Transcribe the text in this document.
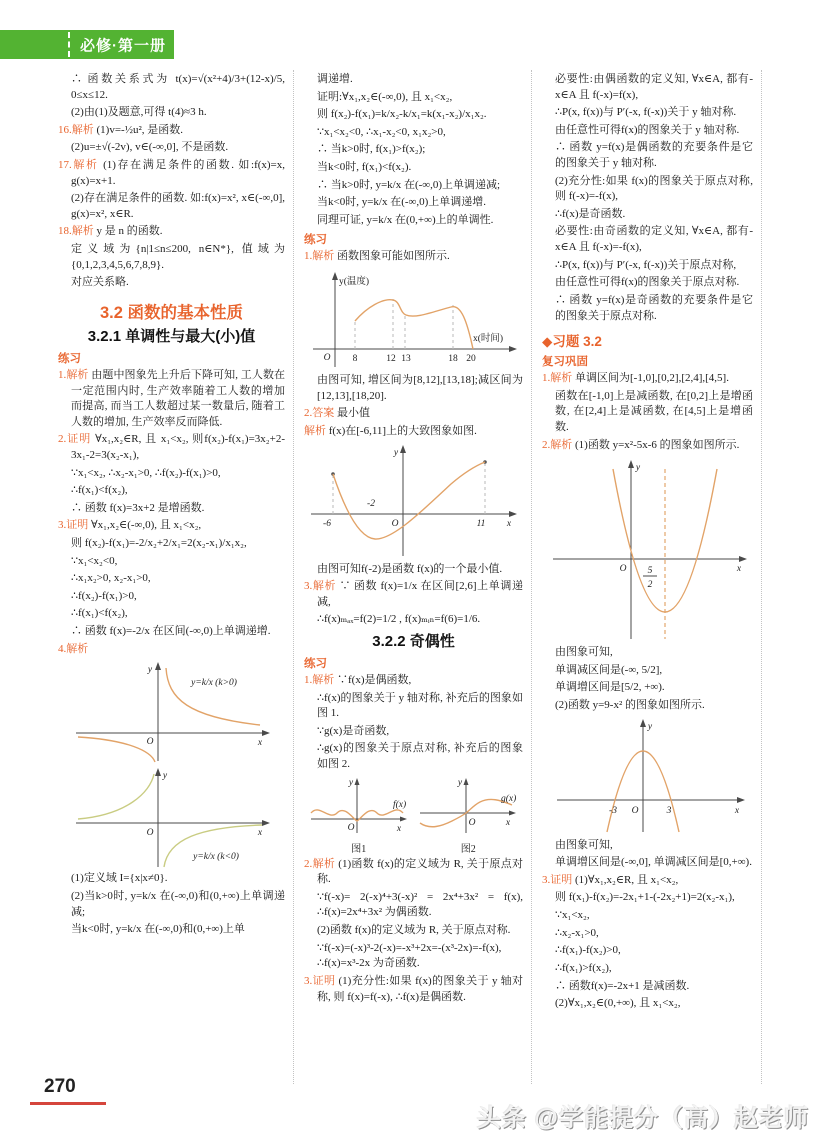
必修·第一册

∴ 函数关系式为 t(x)=√(x²+4)/3+(12-x)/5, 0≤x≤12.

(2)由(1)及题意,可得 t(4)≈3 h.

16.解析 (1)v=-½u², 是函数.

(2)u=±√(-2v), v∈(-∞,0], 不是函数.

17.解析 (1)存在满足条件的函数. 如:f(x)=x, g(x)=x+1.

(2)存在满足条件的函数. 如:f(x)=x², x∈(-∞,0], g(x)=x², x∈R.

18.解析 y 是 n 的函数.

定义域为{n|1≤n≤200, n∈N*}, 值域为{0,1,2,3,4,5,6,7,8,9}.

对应关系略.

3.2 函数的基本性质
3.2.1 单调性与最大(小)值
练习

1.解析 由题中图象先上升后下降可知, 工人数在一定范围内时, 生产效率随着工人数的增加而提高, 而当工人数超过某一数量后, 随着工人数的增加, 生产效率反而降低.

2.证明 ∀x₁,x₂∈R, 且 x₁<x₂, 则f(x₂)-f(x₁)=3x₂+2-3x₁-2=3(x₂-x₁),

∵x₁<x₂, ∴x₂-x₁>0, ∴f(x₂)-f(x₁)>0,

∴f(x₁)<f(x₂),

∴ 函数 f(x)=3x+2 是增函数.

3.证明 ∀x₁,x₂∈(-∞,0), 且 x₁<x₂,

则 f(x₂)-f(x₁)=-2/x₂+2/x₁=2(x₂-x₁)/x₁x₂,

∵x₁<x₂<0,

∴x₁x₂>0, x₂-x₁>0,

∴f(x₂)-f(x₁)>0,

∴f(x₁)<f(x₂),

∴ 函数 f(x)=-2/x 在区间(-∞,0)上单调递增.

4.解析

O	x
y
y=k/x (k>0)
O	x
y
y=k/x (k<0)

(1)定义域 I={x|x≠0}.

(2)当k>0时, y=k/x 在(-∞,0)和(0,+∞)上单调递减;

当k<0时, y=k/x 在(-∞,0)和(0,+∞)上单

调递增.

证明:∀x₁,x₂∈(-∞,0), 且 x₁<x₂,

则 f(x₂)-f(x₁)=k/x₂-k/x₁=k(x₁-x₂)/x₁x₂.

∵x₁<x₂<0, ∴x₁-x₂<0, x₁x₂>0,

∴ 当k>0时, f(x₁)>f(x₂);

当k<0时, f(x₁)<f(x₂).

∴ 当k>0时, y=k/x 在(-∞,0)上单调递减;

当k<0时, y=k/x 在(-∞,0)上单调递增.

同理可证, y=k/x 在(0,+∞)上的单调性.

练习

1.解析 函数图象可能如图所示.

y(温度)
x(时间)
O 8	12 13	18 20

由图可知, 增区间为[8,12],[13,18];减区间为[12,13],[18,20].

2.答案 最小值

解析 f(x)在[-6,11]上的大致图象如图.

-6
-2
O	11 x
y

由图可知f(-2)是函数 f(x)的一个最小值.

3.解析 ∵ 函数 f(x)=1/x 在区间[2,6]上单调递减,

∴f(x)ₘₐₓ=f(2)=1/2 , f(x)ₘᵢₙ=f(6)=1/6.

3.2.2 奇偶性
练习

1.解析 ∵f(x)是偶函数,

∴f(x)的图象关于 y 轴对称, 补充后的图象如图 1.

∵g(x)是奇函数,

∴g(x)的图象关于原点对称, 补充后的图象如图 2.

O	x
y
f(x)
图1
O	x
y
g(x)
图2

2.解析 (1)函数 f(x)的定义域为 R, 关于原点对称.

∵f(-x)= 2(-x)⁴+3(-x)² = 2x⁴+3x² = f(x), ∴f(x)=2x⁴+3x² 为偶函数.

(2)函数 f(x)的定义域为 R, 关于原点对称.

∵f(-x)=(-x)³-2(-x)=-x³+2x=-(x³-2x)=-f(x), ∴f(x)=x³-2x 为奇函数.

3.证明 (1)充分性:如果 f(x)的图象关于 y 轴对称, 则 f(x)=f(-x), ∴f(x)是偶函数.

必要性:由偶函数的定义知, ∀x∈A, 都有-x∈A 且 f(-x)=f(x),

∴P(x, f(x))与 P′(-x, f(-x))关于 y 轴对称.

由任意性可得f(x)的图象关于 y 轴对称.

∴ 函数 y=f(x)是偶函数的充要条件是它的图象关于 y 轴对称.

(2)充分性:如果 f(x)的图象关于原点对称, 则 f(-x)=-f(x),

∴f(x)是奇函数.

必要性:由奇函数的定义知, ∀x∈A, 都有-x∈A 且 f(-x)=-f(x),

∴P(x, f(x))与 P′(-x, f(-x))关于原点对称,

由任意性可得f(x)的图象关于原点对称.

∴ 函数 y=f(x)是奇函数的充要条件是它的图象关于原点对称.

◆习题 3.2
复习巩固

1.解析 单调区间为[-1,0],[0,2],[2,4],[4,5].

函数在[-1,0]上是减函数, 在[0,2]上是增函数, 在[2,4]上是减函数, 在[4,5]上是增函数.

2.解析 (1)函数 y=x²-5x-6 的图象如图所示.

O 5
2
x
y

由图象可知,

单调减区间是(-∞, 5/2],

单调增区间是[5/2, +∞).

(2)函数 y=9-x² 的图象如图所示.

-3 O	3	x
y

由图象可知,

单调增区间是(-∞,0], 单调减区间是[0,+∞).

3.证明 (1)∀x₁,x₂∈R, 且 x₁<x₂,

则 f(x₁)-f(x₂)=-2x₁+1-(-2x₂+1)=2(x₂-x₁),

∵x₁<x₂,

∴x₂-x₁>0,

∴f(x₁)-f(x₂)>0,

∴f(x₁)>f(x₂),

∴ 函数f(x)=-2x+1 是减函数.

(2)∀x₁,x₂∈(0,+∞), 且 x₁<x₂,

270
头条 @学能提分（高）赵老师
